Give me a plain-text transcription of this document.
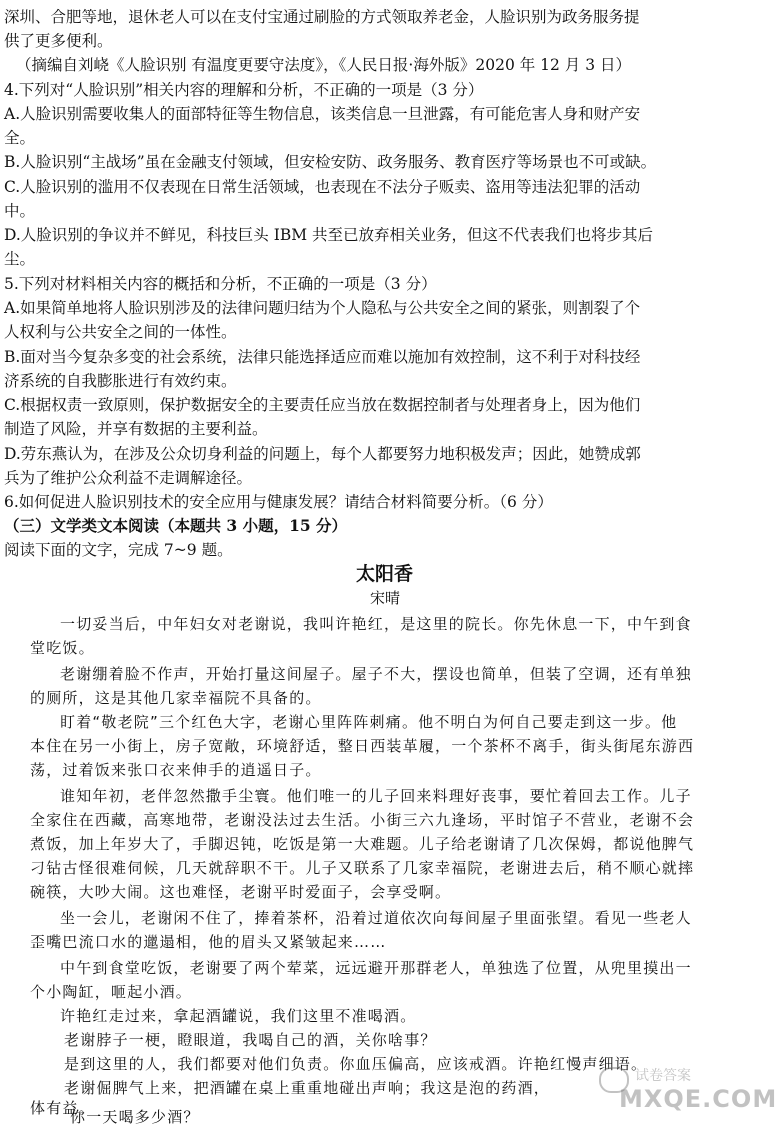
深圳、合肥等地，退休老人可以在支付宝通过刷脸的方式领取养老金，人脸识别为政务服务提
供了更多便利。
（摘编自刘峣《人脸识别 有温度更要守法度》，《人民日报·海外版》2020 年 12 月 3 日）
4.下列对“人脸识别”相关内容的理解和分析，不正确的一项是（3 分）
A.人脸识别需要收集人的面部特征等生物信息，该类信息一旦泄露，有可能危害人身和财产安
全。
B.人脸识别“主战场”虽在金融支付领域，但安检安防、政务服务、教育医疗等场景也不可或缺。
C.人脸识别的滥用不仅表现在日常生活领域，也表现在不法分子贩卖、盗用等违法犯罪的活动
中。
D.人脸识别的争议并不鲜见，科技巨头 IBM 共至已放弃相关业务，但这不代表我们也将步其后
尘。
5.下列对材料相关内容的概括和分析，不正确的一项是（3 分）
A.如果简单地将人脸识别涉及的法律问题归结为个人隐私与公共安全之间的紧张，则割裂了个
人权利与公共安全之间的一体性。
B.面对当今复杂多变的社会系统，法律只能选择适应而难以施加有效控制，这不利于对科技经
济系统的自我膨胀进行有效约束。
C.根据权责一致原则，保护数据安全的主要责任应当放在数据控制者与处理者身上，因为他们
制造了风险，并享有数据的主要利益。
D.劳东燕认为，在涉及公众切身利益的问题上，每个人都要努力地积极发声；因此，她赞成郭
兵为了维护公众利益不走调解途径。
6.如何促进人脸识别技术的安全应用与健康发展？请结合材料简要分析。（6 分）
（三）文学类文本阅读（本题共 3 小题，15 分）
阅读下面的文字，完成 7~9 题。
太阳香
宋晴
一切妥当后，中年妇女对老谢说，我叫许艳红，是这里的院长。你先休息一下，中午到食
堂吃饭。
老谢绷着脸不作声，开始打量这间屋子。屋子不大，摆设也简单，但装了空调，还有单独
的厕所，这是其他几家幸福院不具备的。
盯着“敬老院”三个红色大字，老谢心里阵阵刺痛。他不明白为何自己要走到这一步。他
本住在另一小街上，房子宽敞，环境舒适，整日西装革履，一个茶杯不离手，街头街尾东游西
荡，过着饭来张口衣来伸手的逍遥日子。
谁知年初，老伴忽然撒手尘寰。他们唯一的儿子回来料理好丧事，要忙着回去工作。儿子
全家住在西藏，高寒地带，老谢没法过去生活。小街三六九逢场，平时馆子不营业，老谢不会
煮饭，加上年岁大了，手脚迟钝，吃饭是第一大难题。儿子给老谢请了几次保姆，都说他脾气
刁钻古怪很难伺候，几天就辞职不干。儿子又联系了几家幸福院，老谢进去后，稍不顺心就摔
碗筷，大吵大闹。这也难怪，老谢平时爱面子，会享受啊。
坐一会儿，老谢闲不住了，捧着茶杯，沿着过道依次向每间屋子里面张望。看见一些老人
歪嘴巴流口水的邋遢相，他的眉头又紧皱起来……
中午到食堂吃饭，老谢要了两个荤菜，远远避开那群老人，单独选了位置，从兜里摸出一
个小陶缸，咂起小酒。
许艳红走过来，拿起酒罐说，我们这里不准喝酒。
老谢脖子一梗，瞪眼道，我喝自己的酒，关你啥事？
是到这里的人，我们都要对他们负责。你血压偏高，应该戒酒。许艳红慢声细语。
老谢倔脾气上来，把酒罐在桌上重重地碰出声响；我这是泡的药酒，
体有益。
你一天喝多少酒？
试卷答案
MXQE.COM
